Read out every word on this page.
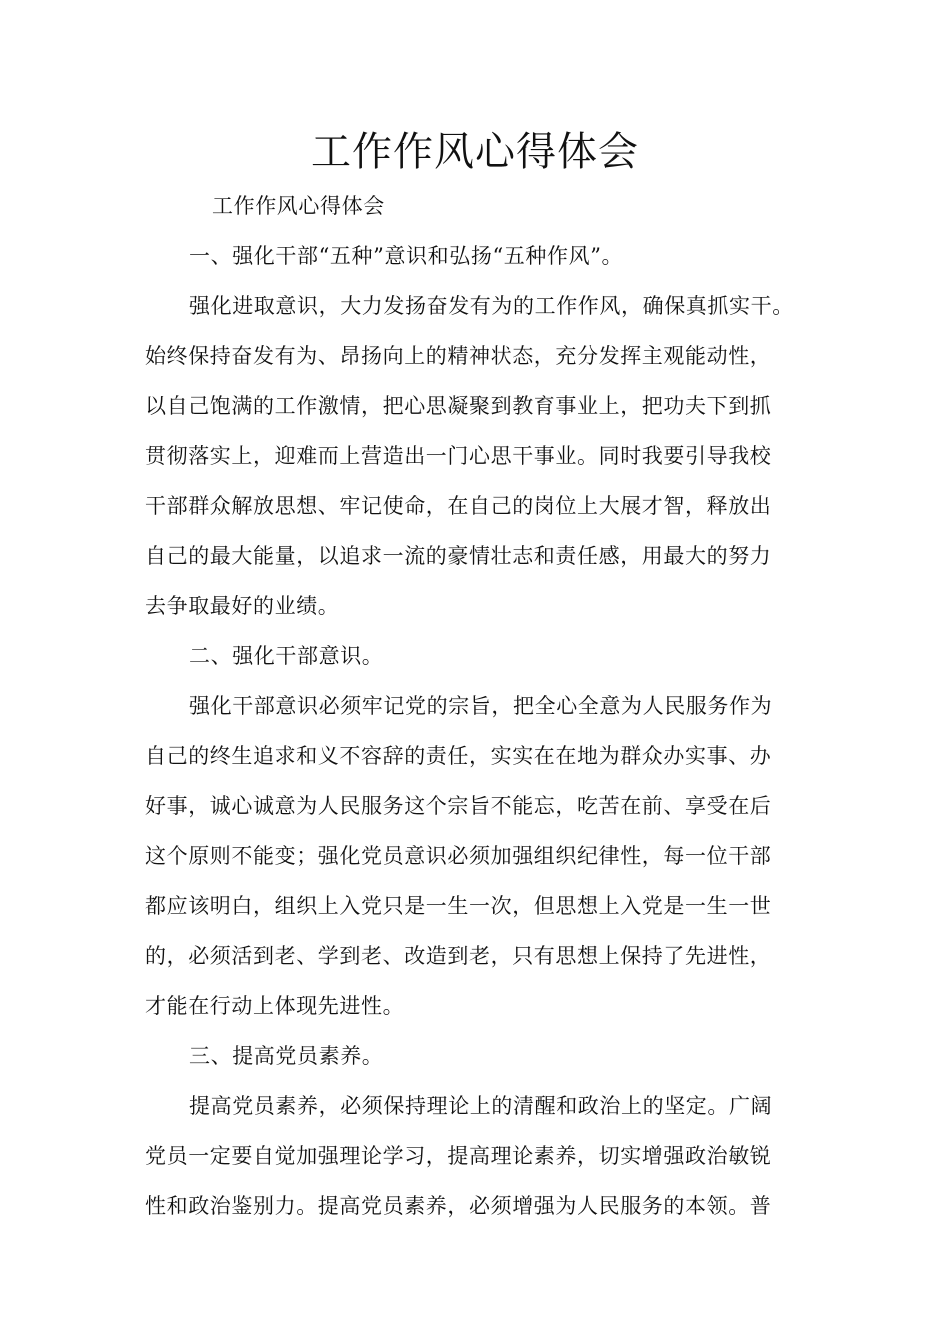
工作作风心得体会

工作作风心得体会

一、强化干部“五种”意识和弘扬“五种作风”。

强化进取意识，大力发扬奋发有为的工作作风，确保真抓实干。
始终保持奋发有为、昂扬向上的精神状态，充分发挥主观能动性，
以自己饱满的工作激情，把心思凝聚到教育事业上，把功夫下到抓
贯彻落实上，迎难而上营造出一门心思干事业。同时我要引导我校
干部群众解放思想、牢记使命，在自己的岗位上大展才智，释放出
自己的最大能量，以追求一流的豪情壮志和责任感，用最大的努力
去争取最好的业绩。

二、强化干部意识。

强化干部意识必须牢记党的宗旨，把全心全意为人民服务作为
自己的终生追求和义不容辞的责任，实实在在地为群众办实事、办
好事，诚心诚意为人民服务这个宗旨不能忘，吃苦在前、享受在后
这个原则不能变；强化党员意识必须加强组织纪律性，每一位干部
都应该明白，组织上入党只是一生一次，但思想上入党是一生一世
的，必须活到老、学到老、改造到老，只有思想上保持了先进性，
才能在行动上体现先进性。

三、提高党员素养。

提高党员素养，必须保持理论上的清醒和政治上的坚定。广阔
党员一定要自觉加强理论学习，提高理论素养，切实增强政治敏锐
性和政治鉴别力。提高党员素养，必须增强为人民服务的本领。普
